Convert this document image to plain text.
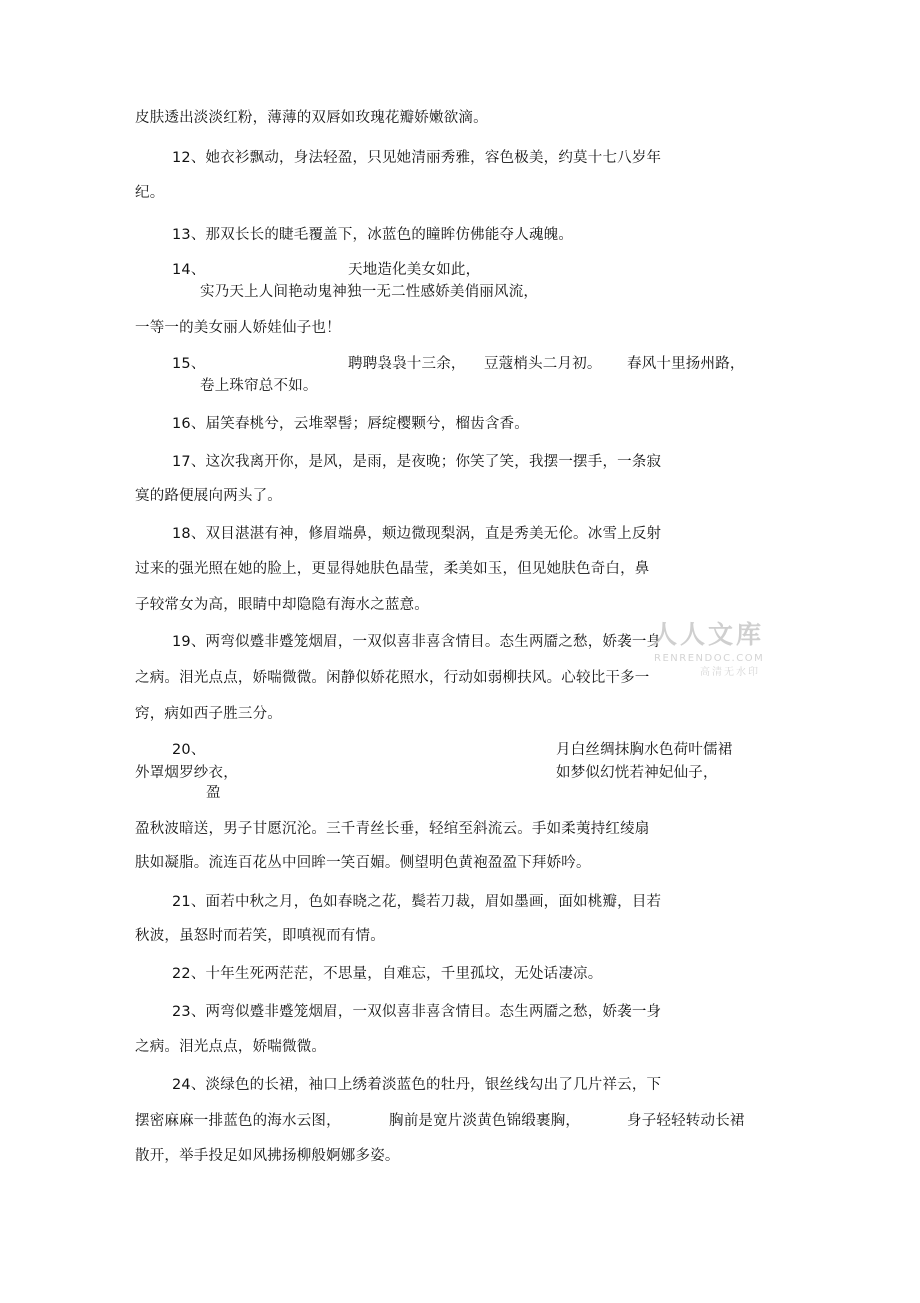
皮肤透出淡淡红粉，薄薄的双唇如玫瑰花瓣娇嫩欲滴。
12、她衣衫飘动，身法轻盈，只见她清丽秀雅，容色极美，约莫十七八岁年
纪。
13、那双长长的睫毛覆盖下，冰蓝色的瞳眸仿佛能夺人魂魄。
14、	天地造化美女如此，
实乃天上人间艳动鬼神独一无二性感娇美俏丽风流，
一等一的美女丽人娇娃仙子也！
15、	聘聘袅袅十三余， 豆蔻梢头二月初。 春风十里扬州路，
卷上珠帘总不如。
16、届笑春桃兮，云堆翠髻；唇绽樱颗兮，榴齿含香。
17、这次我离开你，是风，是雨，是夜晚；你笑了笑，我摆一摆手，一条寂
寞的路便展向两头了。
18、双目湛湛有神，修眉端鼻，颊边微现梨涡，直是秀美无伦。冰雪上反射
过来的强光照在她的脸上，更显得她肤色晶莹，柔美如玉，但见她肤色奇白，鼻
子较常女为高，眼睛中却隐隐有海水之蓝意。
19、两弯似蹙非蹙笼烟眉，一双似喜非喜含情目。态生两靥之愁，娇袭一身
之病。泪光点点，娇喘微微。闲静似娇花照水，行动如弱柳扶风。心较比干多一
窍，病如西子胜三分。
20、	月白丝绸抹胸水色荷叶儒裙
外罩烟罗纱衣，	如梦似幻恍若神妃仙子，
盈
盈秋波暗送，男子甘愿沉沦。三千青丝长垂，轻绾至斜流云。手如柔荑持红绫扇
肤如凝脂。流连百花丛中回眸一笑百媚。侧望明色黄袍盈盈下拜娇吟。
21、面若中秋之月，色如春晓之花，鬓若刀裁，眉如墨画，面如桃瓣，目若
秋波，虽怒时而若笑，即嗔视而有情。
22、十年生死两茫茫，不思量，自难忘，千里孤坟，无处话凄凉。
23、两弯似蹙非蹙笼烟眉，一双似喜非喜含情目。态生两靥之愁，娇袭一身
之病。泪光点点，娇喘微微。
24、淡绿色的长裙，袖口上绣着淡蓝色的牡丹，银丝线勾出了几片祥云，下
摆密麻麻一排蓝色的海水云图，	胸前是宽片淡黄色锦缎裹胸，	身子轻轻转动长裙
散开，举手投足如风拂扬柳般婀娜多姿。
人人文库
RENRENDOC.COM
高清无水印
